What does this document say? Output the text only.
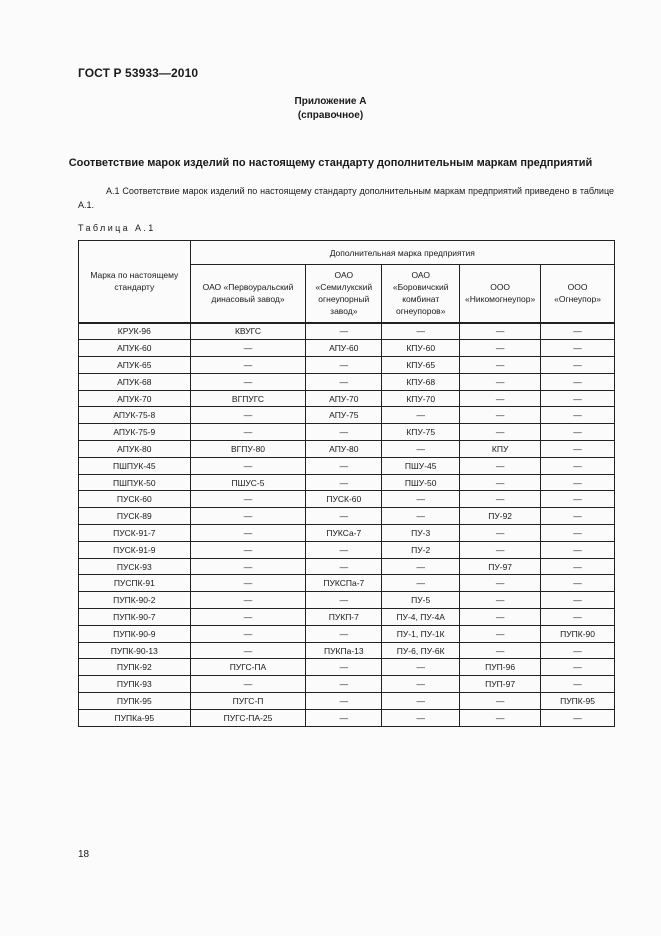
ГОСТ Р 53933—2010
Приложение А
(справочное)
Соответствие марок изделий по настоящему стандарту дополнительным маркам предприятий
А.1 Соответствие марок изделий по настоящему стандарту дополнительным маркам предприятий приведено в таблице А.1.
Таблица А.1
Марка по настоящему стандарту	Дополнительная марка предприятия				
	ОАО «Первоуральский динасовый завод»	ОАО «Семилукский огнеупорный завод»	ОАО «Боровичский комбинат огнеупоров»	ООО «Никомогнеупор»	ООО «Огнеупор»
КРУК-96	КВУГС	—	—	—	—
АПУК-60	—	АПУ-60	КПУ-60	—	—
АПУК-65	—	—	КПУ-65	—	—
АПУК-68	—	—	КПУ-68	—	—
АПУК-70	ВГПУГС	АПУ-70	КПУ-70	—	—
АПУК-75-8	—	АПУ-75	—	—	—
АПУК-75-9	—	—	КПУ-75	—	—
АПУК-80	ВГПУ-80	АПУ-80	—	КПУ	—
ПШПУК-45	—	—	ПШУ-45	—	—
ПШПУК-50	ПШУС-5	—	ПШУ-50	—	—
ПУСК-60	—	ПУСК-60	—	—	—
ПУСК-89	—	—	—	ПУ-92	—
ПУСК-91-7	—	ПУКСа-7	ПУ-3	—	—
ПУСК-91-9	—	—	ПУ-2	—	—
ПУСК-93	—	—	—	ПУ-97	—
ПУСПК-91	—	ПУКСПа-7	—	—	—
ПУПК-90-2	—	—	ПУ-5	—	—
ПУПК-90-7	—	ПУКП-7	ПУ-4, ПУ-4А	—	—
ПУПК-90-9	—	—	ПУ-1, ПУ-1К	—	ПУПК-90
ПУПК-90-13	—	ПУКПа-13	ПУ-6, ПУ-6К	—	—
ПУПК-92	ПУГС-ПА	—	—	ПУП-96	—
ПУПК-93	—	—	—	ПУП-97	—
ПУПК-95	ПУГС-П	—	—	—	ПУПК-95
ПУПКа-95	ПУГС-ПА-25	—	—	—	—
18
